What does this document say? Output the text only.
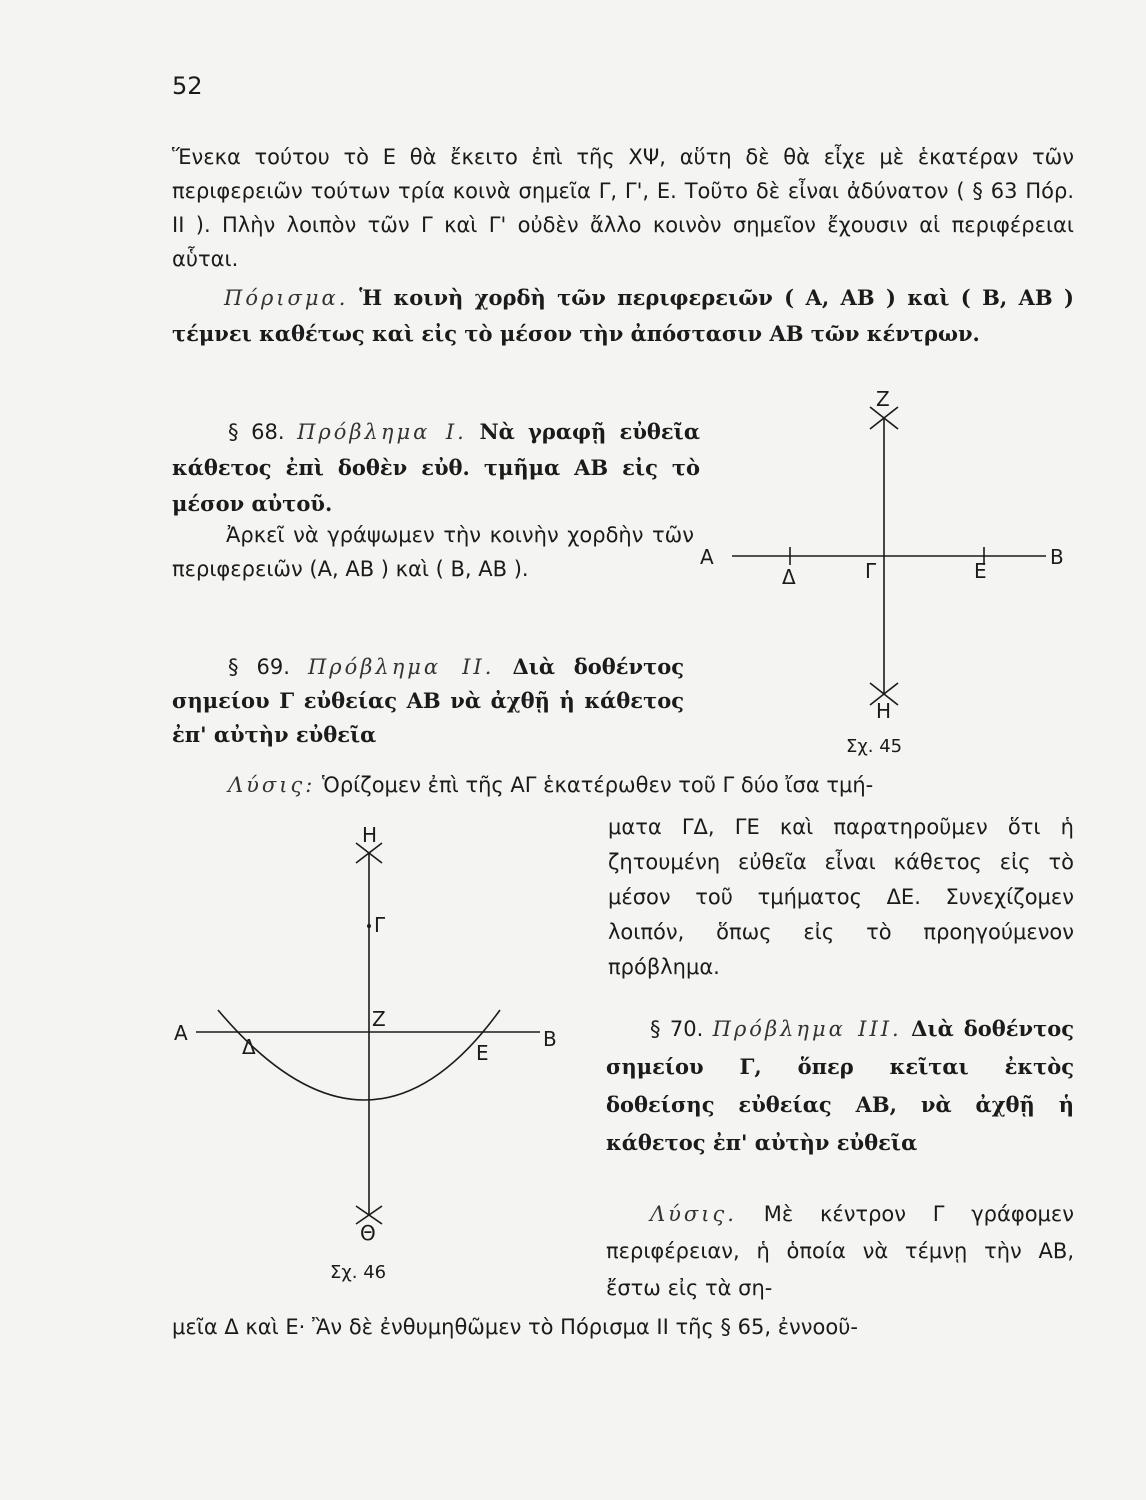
52

Ἕνεκα τούτου τὸ Ε θὰ ἔκειτο ἐπὶ τῆς ΧΨ, αὕτη δὲ θὰ εἶχε μὲ ἑκατέραν τῶν περιφερειῶν τούτων τρία κοινὰ σημεῖα Γ, Γ', Ε. Τοῦτο δὲ εἶναι ἀδύνατον ( § 63 Πόρ. II ). Πλὴν λοιπὸν τῶν Γ καὶ Γ' οὐδὲν ἄλλο κοινὸν σημεῖον ἔχουσιν αἱ περιφέρειαι αὗται.

Πόρισμα. Ἡ κοινὴ χορδὴ τῶν περιφερειῶν ( Α, ΑΒ ) καὶ ( Β, ΑΒ ) τέμνει καθέτως καὶ εἰς τὸ μέσον τὴν ἀπόστασιν ΑΒ τῶν κέντρων.

§ 68. Πρόβλημα I. Νὰ γραφῇ εὐθεῖα κάθετος ἐπὶ δοθὲν εὐθ. τμῆμα ΑΒ εἰς τὸ μέσον αὐτοῦ.

Ἀρκεῖ νὰ γράψωμεν τὴν κοινὴν χορδὴν τῶν περιφερειῶν (Α, ΑΒ ) καὶ ( Β, ΑΒ ).

§ 69. Πρόβλημα II. Διὰ δοθέντος σημείου Γ εὐθείας ΑΒ νὰ ἀχθῇ ἡ κάθετος ἐπ' αὐτὴν εὐθεῖα

Λύσις: Ὁρίζομεν ἐπὶ τῆς ΑΓ ἑκατέρωθεν τοῦ Γ δύο ἴσα τμή-

ματα ΓΔ, ΓΕ καὶ παρατηροῦμεν ὅτι ἡ ζητουμένη εὐθεῖα εἶναι κάθετος εἰς τὸ μέσον τοῦ τμήματος ΔΕ. Συνεχίζομεν λοιπόν, ὅπως εἰς τὸ προηγούμενον πρόβλημα.

§ 70. Πρόβλημα III. Διὰ δοθέντος σημείου Γ, ὅπερ κεῖται ἐκτὸς δοθείσης εὐθείας ΑΒ, νὰ ἀχθῇ ἡ κάθετος ἐπ' αὐτὴν εὐθεῖα

Λύσις. Μὲ κέντρον Γ γράφομεν περιφέρειαν, ἡ ὁποία νὰ τέμνῃ τὴν ΑΒ, ἔστω εἰς τὰ ση-

μεῖα Δ καὶ Ε· Ἂν δὲ ἐνθυμηθῶμεν τὸ Πόρισμα II τῆς § 65, ἐννοοῦ-
Α	Β
Δ	Γ	Ε
Ζ
Η
Α	Β
Δ	Ε
Ζ
Γ
Η
Θ
Σχ. 45
Σχ. 46
